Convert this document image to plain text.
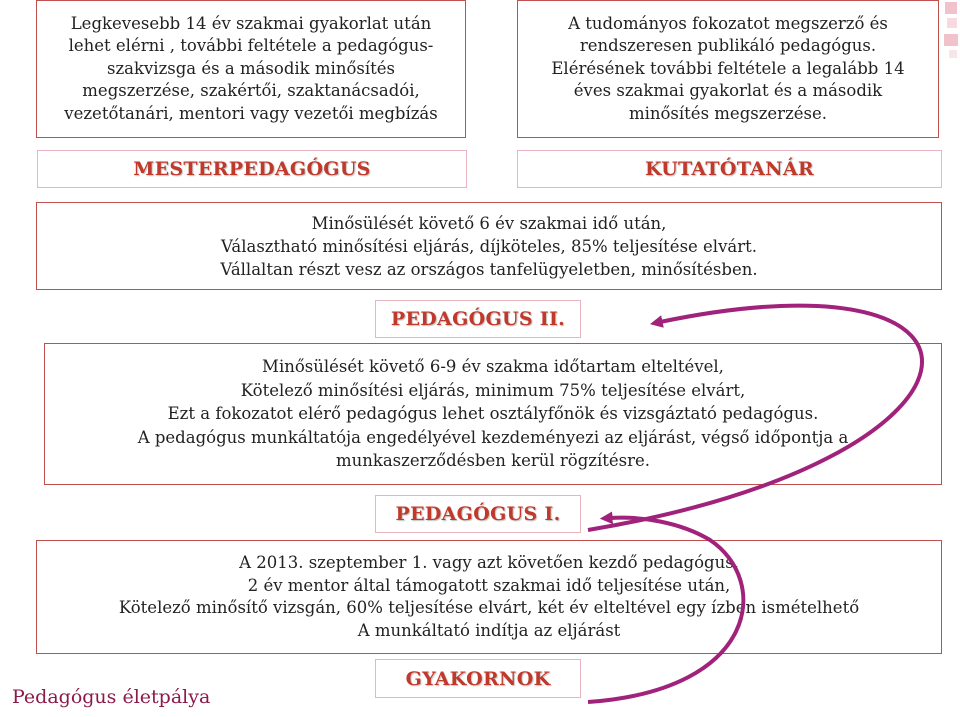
Legkevesebb 14 év szakmai gyakorlat után
lehet elérni , további feltétele a pedagógus-
szakvizsga és a második minősítés
megszerzése, szakértői, szaktanácsadói,
vezetőtanári, mentori vagy vezetői megbízás
A tudományos fokozatot megszerző és
rendszeresen publikáló pedagógus.
Elérésének további feltétele a legalább 14
éves szakmai gyakorlat és a második
minősítés megszerzése.
MESTERPEDAGÓGUS	KUTATÓTANÁR
Minősülését követő 6 év szakmai idő után,
Választható minősítési eljárás, díjköteles, 85% teljesítése elvárt.
Vállaltan részt vesz az országos tanfelügyeletben, minősítésben.
PEDAGÓGUS II.
Minősülését követő 6-9 év szakma időtartam elteltével,
Kötelező minősítési eljárás, minimum 75% teljesítése elvárt,
Ezt a fokozatot elérő pedagógus lehet osztályfőnök és vizsgáztató pedagógus.
A pedagógus munkáltatója engedélyével kezdeményezi az eljárást, végső időpontja a
munkaszerződésben kerül rögzítésre.
PEDAGÓGUS I.
A 2013. szeptember 1. vagy azt követően kezdő pedagógus,
2 év mentor által támogatott szakmai idő teljesítése után,
Kötelező minősítő vizsgán, 60% teljesítése elvárt, két év elteltével egy ízben ismételhető
A munkáltató indítja az eljárást
GYAKORNOK
Pedagógus életpálya
